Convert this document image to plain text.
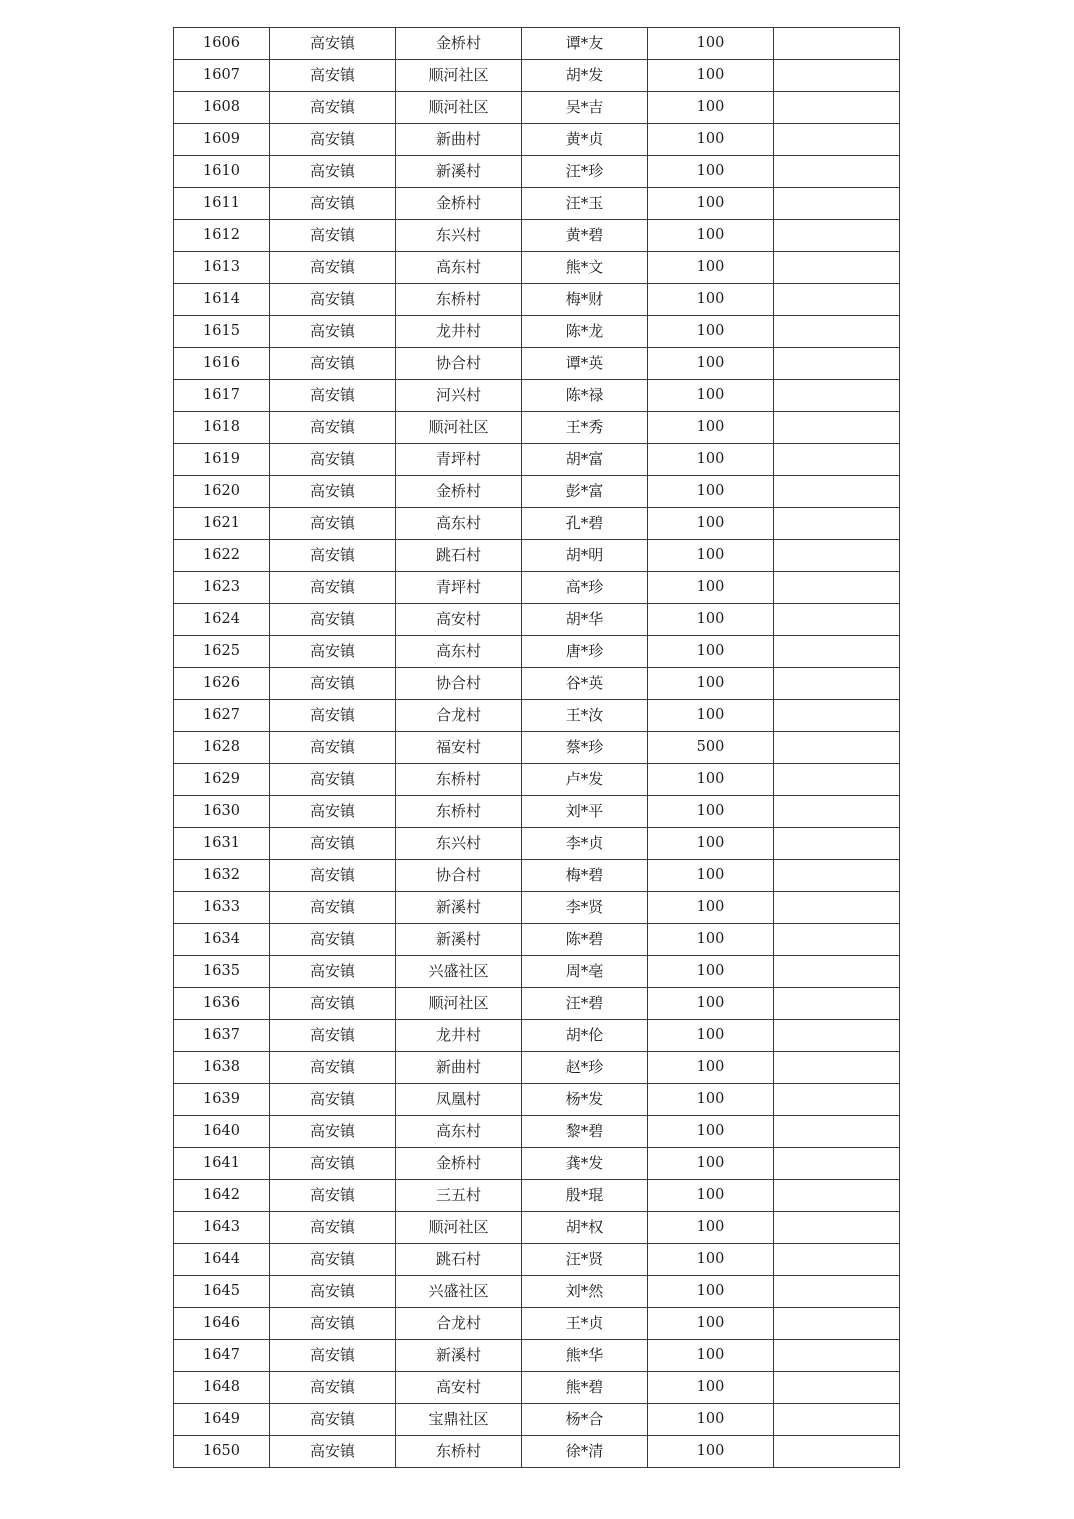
1606	高安镇	金桥村	谭*友	100	
1607	高安镇	顺河社区	胡*发	100	
1608	高安镇	顺河社区	吴*吉	100	
1609	高安镇	新曲村	黄*贞	100	
1610	高安镇	新溪村	汪*珍	100	
1611	高安镇	金桥村	汪*玉	100	
1612	高安镇	东兴村	黄*碧	100	
1613	高安镇	高东村	熊*文	100	
1614	高安镇	东桥村	梅*财	100	
1615	高安镇	龙井村	陈*龙	100	
1616	高安镇	协合村	谭*英	100	
1617	高安镇	河兴村	陈*禄	100	
1618	高安镇	顺河社区	王*秀	100	
1619	高安镇	青坪村	胡*富	100	
1620	高安镇	金桥村	彭*富	100	
1621	高安镇	高东村	孔*碧	100	
1622	高安镇	跳石村	胡*明	100	
1623	高安镇	青坪村	高*珍	100	
1624	高安镇	高安村	胡*华	100	
1625	高安镇	高东村	唐*珍	100	
1626	高安镇	协合村	谷*英	100	
1627	高安镇	合龙村	王*汝	100	
1628	高安镇	福安村	蔡*珍	500	
1629	高安镇	东桥村	卢*发	100	
1630	高安镇	东桥村	刘*平	100	
1631	高安镇	东兴村	李*贞	100	
1632	高安镇	协合村	梅*碧	100	
1633	高安镇	新溪村	李*贤	100	
1634	高安镇	新溪村	陈*碧	100	
1635	高安镇	兴盛社区	周*亳	100	
1636	高安镇	顺河社区	汪*碧	100	
1637	高安镇	龙井村	胡*伦	100	
1638	高安镇	新曲村	赵*珍	100	
1639	高安镇	凤凰村	杨*发	100	
1640	高安镇	高东村	黎*碧	100	
1641	高安镇	金桥村	龚*发	100	
1642	高安镇	三五村	殷*琨	100	
1643	高安镇	顺河社区	胡*权	100	
1644	高安镇	跳石村	汪*贤	100	
1645	高安镇	兴盛社区	刘*然	100	
1646	高安镇	合龙村	王*贞	100	
1647	高安镇	新溪村	熊*华	100	
1648	高安镇	高安村	熊*碧	100	
1649	高安镇	宝鼎社区	杨*合	100	
1650	高安镇	东桥村	徐*清	100	
